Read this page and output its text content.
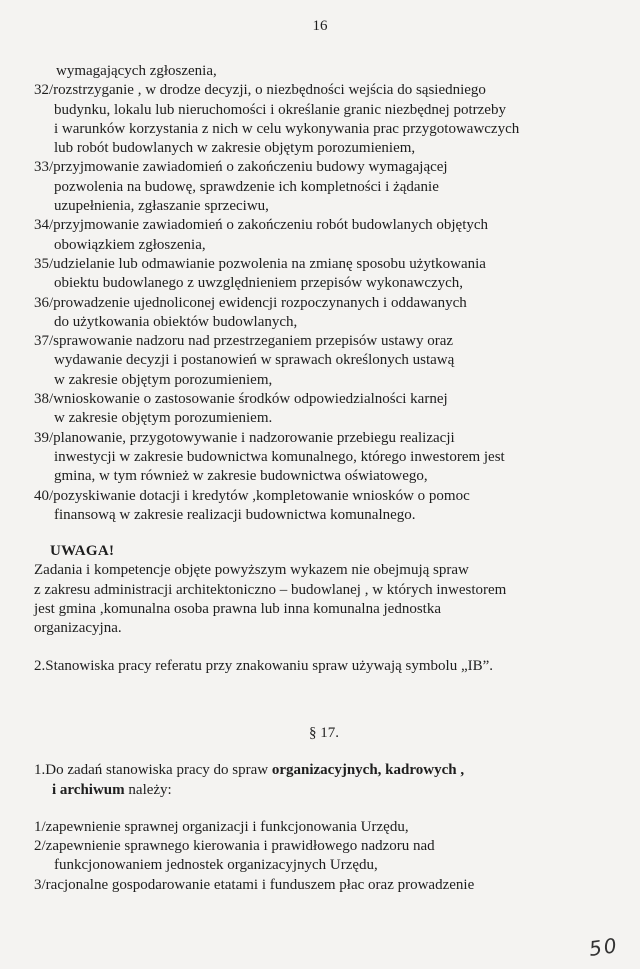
16
wymagających zgłoszenia,
32/rozstrzyganie , w drodze decyzji, o niezbędności wejścia do sąsiedniego
budynku, lokalu lub nieruchomości i określanie granic niezbędnej potrzeby
i warunków korzystania z nich w celu wykonywania prac przygotowawczych
lub robót budowlanych w zakresie objętym porozumieniem,
33/przyjmowanie zawiadomień o zakończeniu budowy wymagającej
pozwolenia na budowę, sprawdzenie ich kompletności i żądanie
uzupełnienia, zgłaszanie sprzeciwu,
34/przyjmowanie zawiadomień o zakończeniu robót budowlanych objętych
obowiązkiem zgłoszenia,
35/udzielanie lub odmawianie pozwolenia na zmianę sposobu użytkowania
obiektu budowlanego z uwzględnieniem przepisów wykonawczych,
36/prowadzenie ujednoliconej ewidencji rozpoczynanych i oddawanych
do użytkowania obiektów budowlanych,
37/sprawowanie nadzoru nad przestrzeganiem przepisów ustawy oraz
wydawanie decyzji i postanowień w sprawach określonych ustawą
w zakresie objętym porozumieniem,
38/wnioskowanie o zastosowanie środków odpowiedzialności karnej
w zakresie objętym porozumieniem.
39/planowanie, przygotowywanie i nadzorowanie przebiegu realizacji
inwestycji w zakresie budownictwa komunalnego, którego inwestorem jest
gmina, w tym również w zakresie budownictwa oświatowego,
40/pozyskiwanie dotacji i kredytów ,kompletowanie wniosków o pomoc
finansową w zakresie realizacji budownictwa komunalnego.
UWAGA!
Zadania i kompetencje objęte powyższym wykazem nie obejmują spraw
z zakresu administracji architektoniczno – budowlanej , w których inwestorem
jest gmina ,komunalna osoba prawna lub inna komunalna jednostka
organizacyjna.
2.Stanowiska pracy referatu przy znakowaniu spraw używają symbolu „IB”.
§ 17.
1.Do zadań stanowiska pracy do spraw organizacyjnych, kadrowych ,
i archiwum należy:
1/zapewnienie sprawnej organizacji i funkcjonowania Urzędu,
2/zapewnienie sprawnego kierowania i prawidłowego nadzoru nad
funkcjonowaniem jednostek organizacyjnych Urzędu,
3/racjonalne gospodarowanie etatami i funduszem płac oraz prowadzenie
50
